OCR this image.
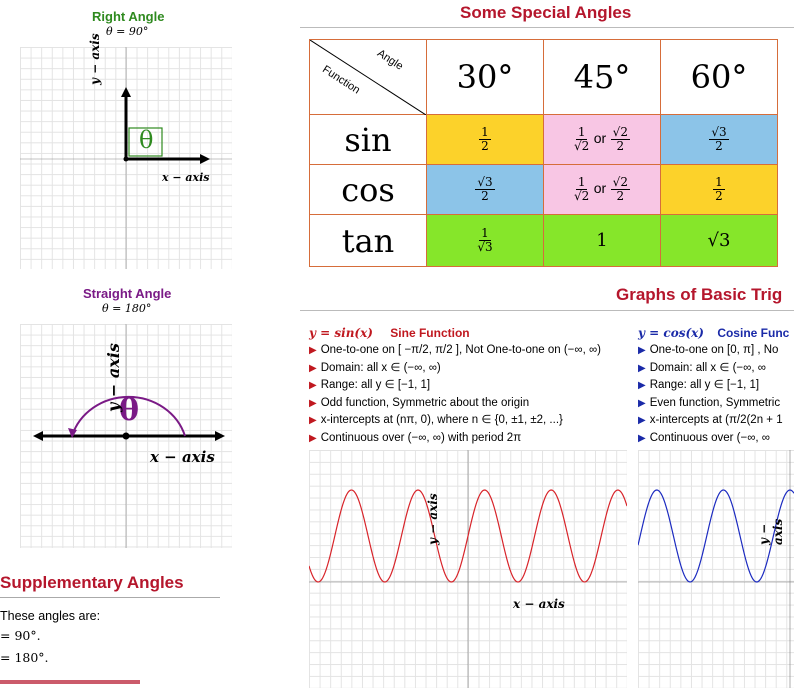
Right Angle
θ = 90°
θ
y − axis
x − axis
Straight Angle
θ = 180°
θ
y − axis
x − axis
Supplementary Angles
These angles are:
= 90°.
= 180°.
Some Special Angles
Angle
Function	30°	45°	60°
sin	$\frac{1}{2}$	$\frac{1}{√2}$ or $\frac{√2}{2}$	$\frac{√3}{2}$

cos	$\frac{√3}{2}$	$\frac{1}{√2}$ or $\frac{√2}{2}$	$\frac{1}{2}$

tan	$\frac{1}{√3}$	1	√3
Graphs of Basic Trig
y = sin(x) Sine Function
▶ One-to-one on [ −π/2, π/2 ], Not One-to-one on (−∞, ∞)
▶ Domain: all x ∈ (−∞, ∞)
▶ Range: all y ∈ [−1, 1]
▶ Odd function, Symmetric about the origin
▶ x-intercepts at (nπ, 0), where n ∈ {0, ±1, ±2, ...}
▶ Continuous over (−∞, ∞) with period 2π
y = cos(x) Cosine Func
▶ One-to-one on [0, π] , No
▶ Domain: all x ∈ (−∞, ∞
▶ Range: all y ∈ [−1, 1]
▶ Even function, Symmetric
▶ x-intercepts at (π/2(2n + 1
▶ Continuous over (−∞, ∞
y − axis
x − axis
y − axis
